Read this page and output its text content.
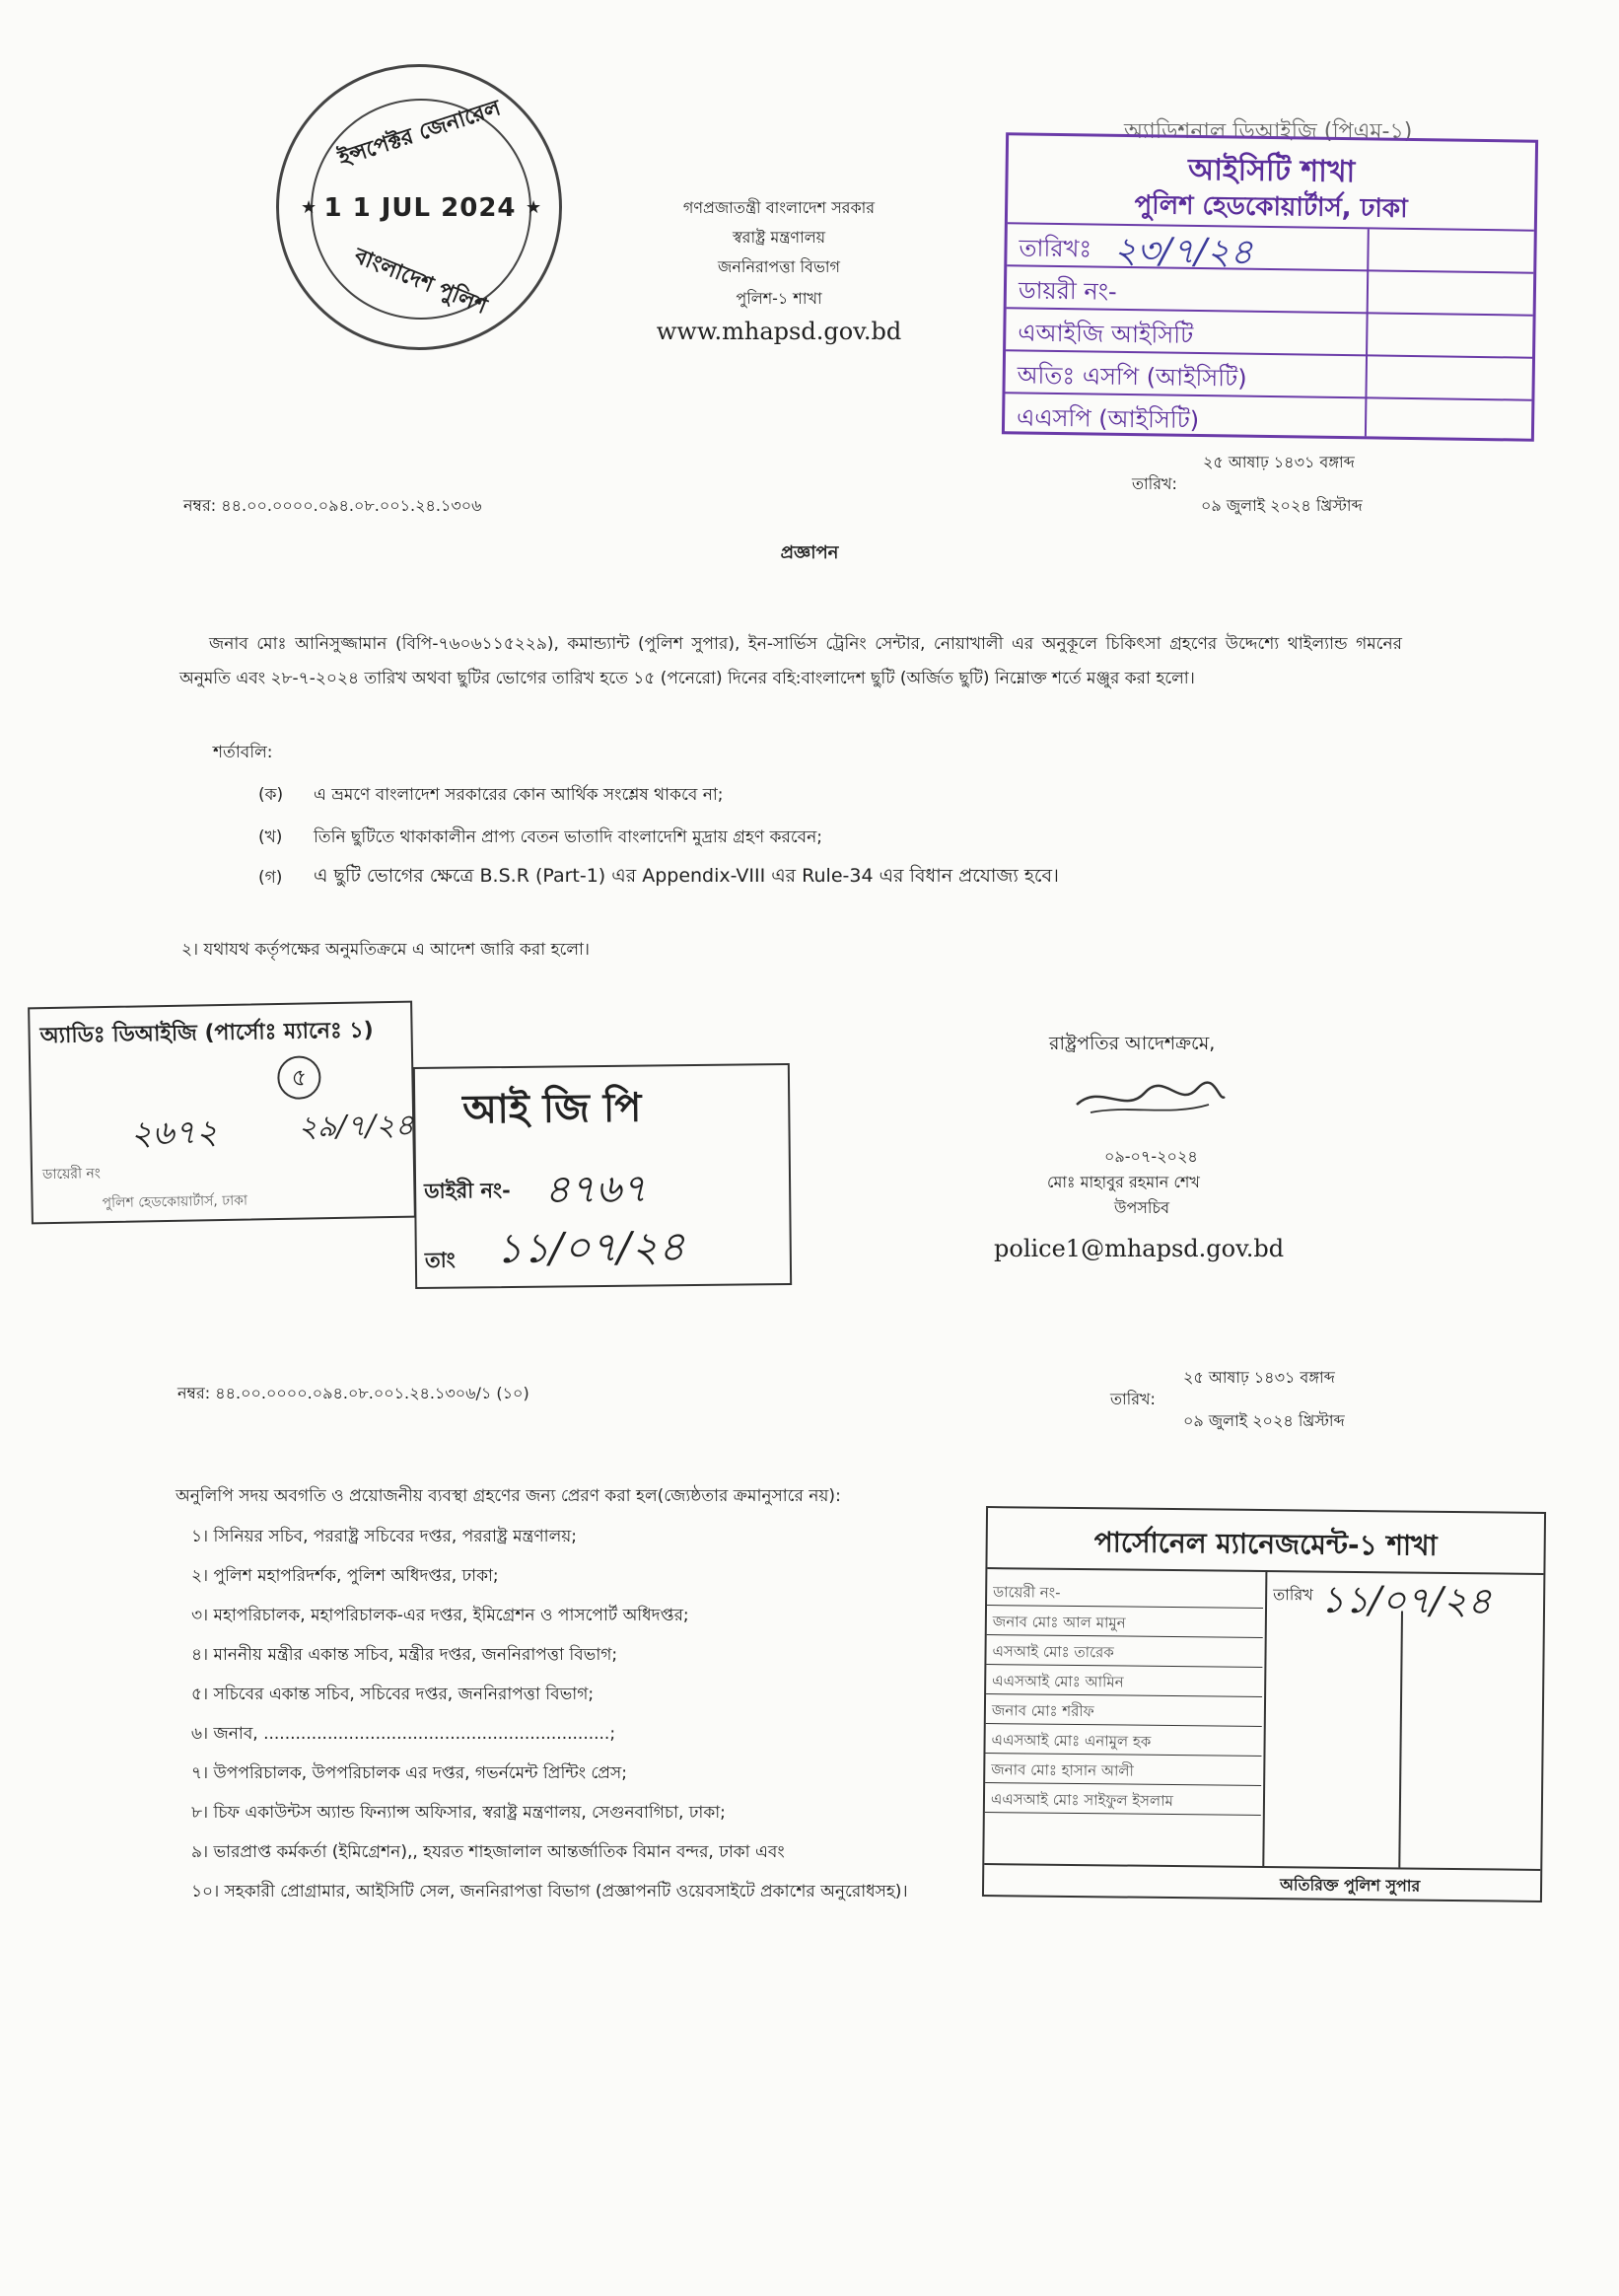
ইন্সপেক্টর জেনারেল
1 1 JUL 2024
★	★
বাংলাদেশ পুলিশ
গণপ্রজাতন্ত্রী বাংলাদেশ সরকার
স্বরাষ্ট্র মন্ত্রণালয়
জননিরাপত্তা বিভাগ
পুলিশ-১ শাখা
www.mhapsd.gov.bd
অ্যাডিশনাল ডিআইজি (পিএম-১)
আইসিটি শাখা
পুলিশ হেডকোয়ার্টার্স, ঢাকা
তারিখঃ ২৩/৭/২৪
ডায়রী নং-
এআইজি আইসিটি
অতিঃ এসপি (আইসিটি)
এএসপি (আইসিটি)
২৫ আষাঢ় ১৪৩১ বঙ্গাব্দ
তারিখ:
০৯ জুলাই ২০২৪ খ্রিস্টাব্দ
নম্বর: ৪৪.০০.০০০০.০৯৪.০৮.০০১.২৪.১৩০৬
প্রজ্ঞাপন
জনাব মোঃ আনিসুজ্জামান (বিপি-৭৬০৬১১৫২২৯), কমান্ড্যান্ট (পুলিশ সুপার), ইন-সার্ভিস ট্রেনিং সেন্টার, নোয়াখালী এর অনুকূলে চিকিৎসা গ্রহণের উদ্দেশ্যে থাইল্যান্ড গমনের অনুমতি এবং ২৮-৭-২০২৪ তারিখ অথবা ছুটির ভোগের তারিখ হতে ১৫ (পনেরো) দিনের বহি:বাংলাদেশ ছুটি (অর্জিত ছুটি) নিম্নোক্ত শর্তে মঞ্জুর করা হলো।
শর্তাবলি:
(ক) এ ভ্রমণে বাংলাদেশ সরকারের কোন আর্থিক সংশ্লেষ থাকবে না;
(খ) তিনি ছুটিতে থাকাকালীন প্রাপ্য বেতন ভাতাদি বাংলাদেশি মুদ্রায় গ্রহণ করবেন;
(গ) এ ছুটি ভোগের ক্ষেত্রে B.S.R (Part-1) এর Appendix-VIII এর Rule-34 এর বিধান প্রযোজ্য হবে।
২। যথাযথ কর্তৃপক্ষের অনুমতিক্রমে এ আদেশ জারি করা হলো।
অ্যাডিঃ ডিআইজি (পার্সোঃ ম্যানেঃ ১)
৫
২৬৭২	২৯/৭/২৪
ডায়েরী নং
পুলিশ হেডকোয়ার্টার্স, ঢাকা
আই জি পি
ডাইরী নং- ৪৭৬৭
তাং ১১/০৭/২৪
রাষ্ট্রপতির আদেশক্রমে,
০৯-০৭-২০২৪
মোঃ মাহাবুর রহমান শেখ
উপসচিব
police1@mhapsd.gov.bd
২৫ আষাঢ় ১৪৩১ বঙ্গাব্দ
তারিখ:
০৯ জুলাই ২০২৪ খ্রিস্টাব্দ
নম্বর: ৪৪.০০.০০০০.০৯৪.০৮.০০১.২৪.১৩০৬/১ (১০)
অনুলিপি সদয় অবগতি ও প্রয়োজনীয় ব্যবস্থা গ্রহণের জন্য প্রেরণ করা হল(জ্যেষ্ঠতার ক্রমানুসারে নয়):
১। সিনিয়র সচিব, পররাষ্ট্র সচিবের দপ্তর, পররাষ্ট্র মন্ত্রণালয়;
২। পুলিশ মহাপরিদর্শক, পুলিশ অধিদপ্তর, ঢাকা;
৩। মহাপরিচালক, মহাপরিচালক-এর দপ্তর, ইমিগ্রেশন ও পাসপোর্ট অধিদপ্তর;
৪। মাননীয় মন্ত্রীর একান্ত সচিব, মন্ত্রীর দপ্তর, জননিরাপত্তা বিভাগ;
৫। সচিবের একান্ত সচিব, সচিবের দপ্তর, জননিরাপত্তা বিভাগ;
৬। জনাব, .................................................................;
৭। উপপরিচালক, উপপরিচালক এর দপ্তর, গভর্নমেন্ট প্রিন্টিং প্রেস;
৮। চিফ একাউন্টস অ্যান্ড ফিন্যান্স অফিসার, স্বরাষ্ট্র মন্ত্রণালয়, সেগুনবাগিচা, ঢাকা;
৯। ভারপ্রাপ্ত কর্মকর্তা (ইমিগ্রেশন),, হযরত শাহজালাল আন্তর্জাতিক বিমান বন্দর, ঢাকা এবং
১০। সহকারী প্রোগ্রামার, আইসিটি সেল, জননিরাপত্তা বিভাগ (প্রজ্ঞাপনটি ওয়েবসাইটে প্রকাশের অনুরোধসহ)।
পার্সোনেল ম্যানেজমেন্ট-১ শাখা
ডায়েরী নং-
জনাব মোঃ আল মামুন
এসআই মোঃ তারেক
এএসআই মোঃ আমিন
জনাব মোঃ শরীফ
এএসআই মোঃ এনামুল হক
জনাব মোঃ হাসান আলী
এএসআই মোঃ সাইফুল ইসলাম
তারিখ ১১/০৭/২৪
অতিরিক্ত পুলিশ সুপার
